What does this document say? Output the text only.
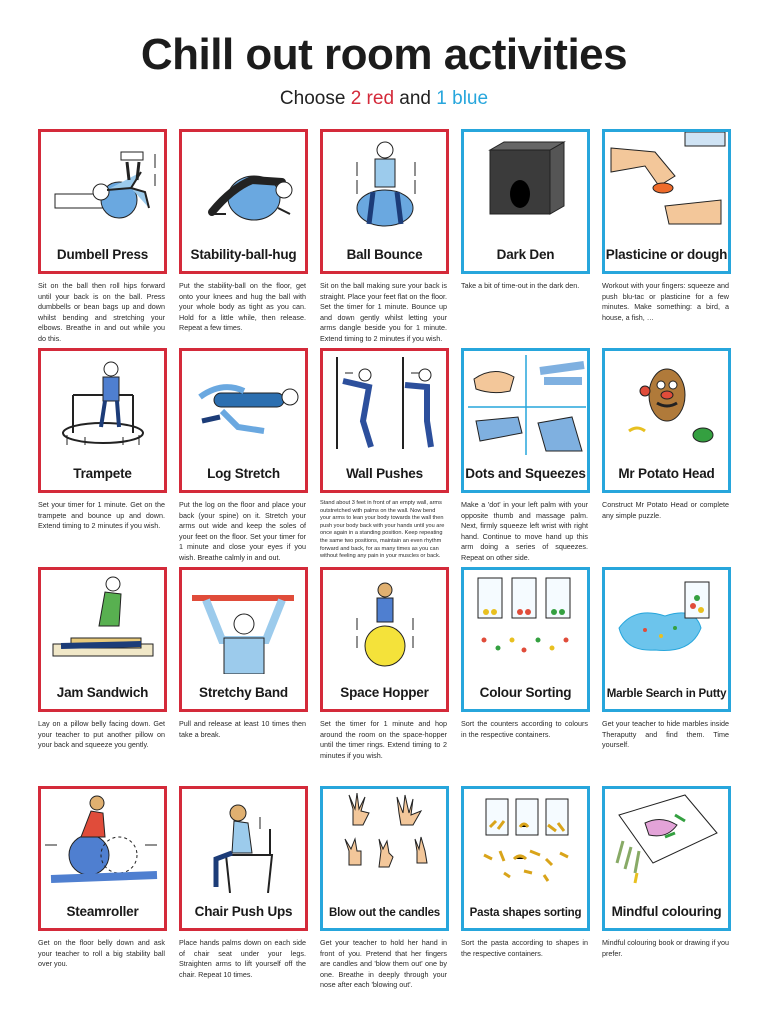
Chill out room activities
Choose 2 red and 1 blue
Dumbell Press	Stability-ball-hug	Ball Bounce	Dark Den	Plasticine or dough
Sit on the ball then roll hips forward until your back is on the ball. Press dumbbells or bean bags up and down whilst bending and stretching your elbows. Breathe in and out while you do this.
Put the stability-ball on the floor, get onto your knees and hug the ball with your whole body as tight as you can. Hold for a little while, then release. Repeat a few times.
Sit on the ball making sure your back is straight. Place your feet flat on the floor. Set the timer for 1 minute. Bounce up and down gently whilst letting your arms dangle beside you for 1 minute. Extend timing to 2 minutes if you wish.
Take a bit of time-out in the dark den.	Workout with your fingers: squeeze and push blu-tac or plasticine for a few minutes. Make something: a bird, a house, a fish, …
Trampete	Log Stretch	Wall Pushes	Dots and Squeezes	Mr Potato Head
Set your timer for 1 minute. Get on the trampete and bounce up and down. Extend timing to 2 minutes if you wish.
Put the log on the floor and place your back (your spine) on it. Stretch your arms out wide and keep the soles of your feet on the floor. Set your timer for 1 minute and close your eyes if you wish. Breathe calmly in and out.
Stand about 3 feet in front of an empty wall, arms outstretched with palms on the wall. Now bend your arms to lean your body towards the wall then push your body back with your hands until you are once again in a standing position. Keep repeating the same two positions, maintain an even rhythm forward and back, for as many times as you can without feeling any pain in your muscles or back.
Make a 'dot' in your left palm with your opposite thumb and massage palm. Next, firmly squeeze left wrist with right hand. Continue to move hand up this arm doing a series of squeezes. Repeat on other side.
Construct Mr Potato Head or complete any simple puzzle.
Jam Sandwich	Stretchy Band	Space Hopper	Colour Sorting	Marble Search in Putty
Lay on a pillow belly facing down. Get your teacher to put another pillow on your back and squeeze you gently.
Pull and release at least 10 times then take a break.
Set the timer for 1 minute and hop around the room on the space-hopper until the timer rings. Extend timing to 2 minutes if you wish.
Sort the counters according to colours in the respective containers.
Get your teacher to hide marbles inside Theraputty and find them. Time yourself.
Steamroller	Chair Push Ups	Blow out the candles	Pasta shapes sorting	Mindful colouring
Get on the floor belly down and ask your teacher to roll a big stability ball over you.
Place hands palms down on each side of chair seat under your legs. Straighten arms to lift yourself off the chair. Repeat 10 times.
Get your teacher to hold her hand in front of you. Pretend that her fingers are candles and 'blow them out' one by one. Breathe in deeply through your nose after each 'blowing out'.
Sort the pasta according to shapes in the respective containers.
Mindful colouring book or drawing if you prefer.
